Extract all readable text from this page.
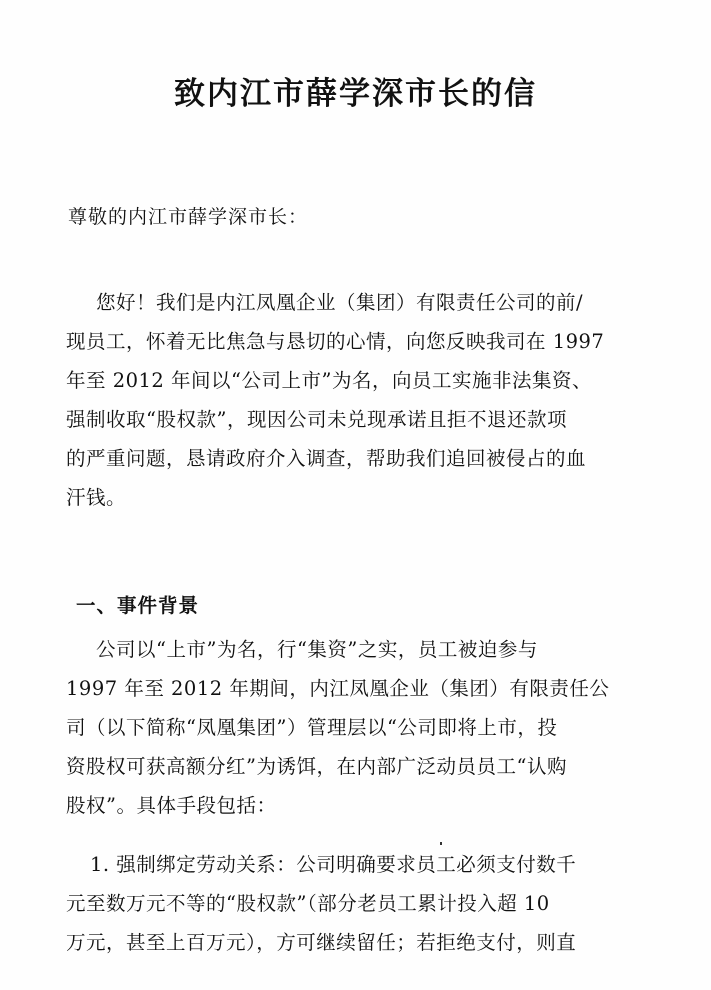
致内江市薛学深市长的信
尊敬的内江市薛学深市长：
您好！我们是内江凤凰企业（集团）有限责任公司的前/
现员工，怀着无比焦急与恳切的心情，向您反映我司在 1997
年至 2012 年间以“公司上市”为名，向员工实施非法集资、
强制收取“股权款”，现因公司未兑现承诺且拒不退还款项
的严重问题，恳请政府介入调查，帮助我们追回被侵占的血
汗钱。
一、事件背景
公司以“上市”为名，行“集资”之实，员工被迫参与
1997 年至 2012 年期间，内江凤凰企业（集团）有限责任公
司（以下简称“凤凰集团”）管理层以“公司即将上市，投
资股权可获高额分红”为诱饵，在内部广泛动员员工“认购
股权”。具体手段包括：
1. 强制绑定劳动关系：公司明确要求员工必须支付数千
元至数万元不等的“股权款”（部分老员工累计投入超 10
万元，甚至上百万元），方可继续留任；若拒绝支付，则直
